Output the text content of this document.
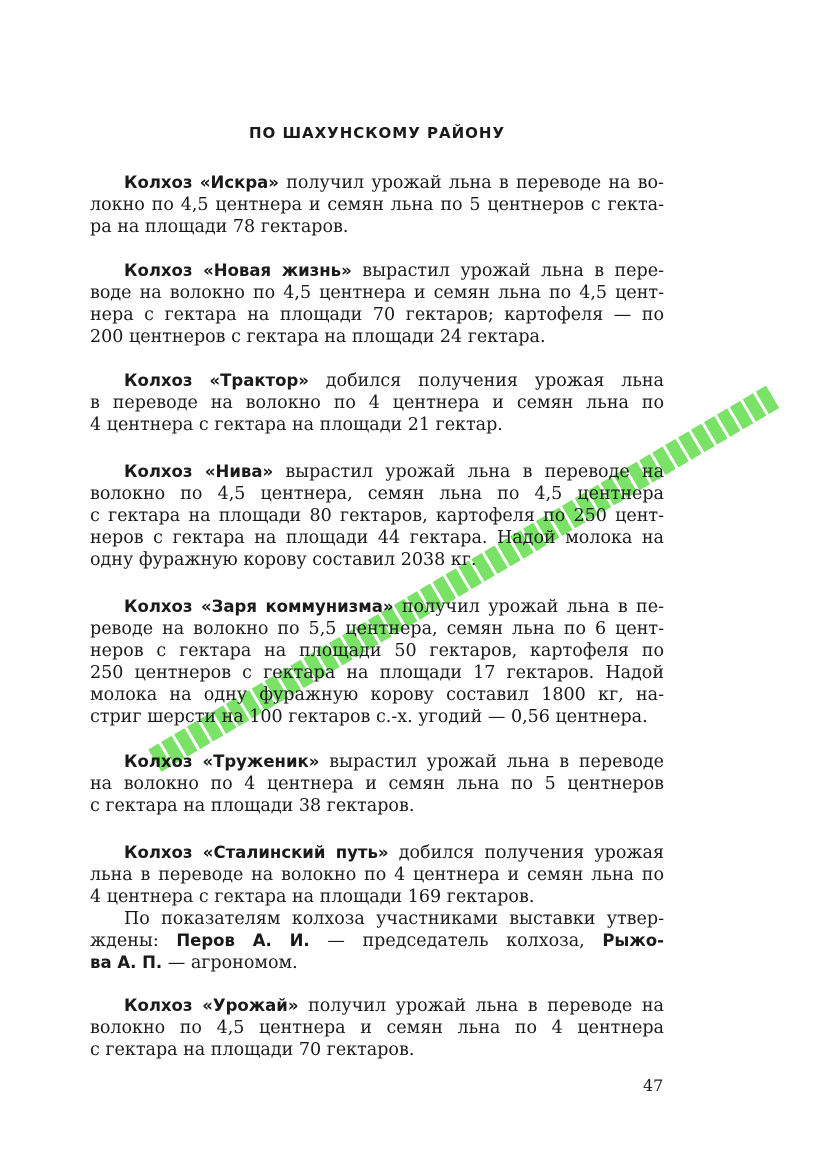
ПО ШАХУНСКОМУ РАЙОНУ
Колхоз «Искра» получил урожай льна в переводе на во-
локно по 4,5 центнера и семян льна по 5 центнеров с гекта-
ра на площади 78 гектаров.
Колхоз «Новая жизнь» вырастил урожай льна в пере-
воде на волокно по 4,5 центнера и семян льна по 4,5 цент-
нера с гектара на площади 70 гектаров; картофеля — по
200 центнеров с гектара на площади 24 гектара.
Колхоз «Трактор» добился получения урожая льна
в переводе на волокно по 4 центнера и семян льна по
4 центнера с гектара на площади 21 гектар.
Колхоз «Нива» вырастил урожай льна в переводе на
волокно по 4,5 центнера, семян льна по 4,5 центнера
с гектара на площади 80 гектаров, картофеля по 250 цент-
неров с гектара на площади 44 гектара. Надой молока на
одну фуражную корову составил 2038 кг.
Колхоз «Заря коммунизма» получил урожай льна в пе-
реводе на волокно по 5,5 центнера, семян льна по 6 цент-
неров с гектара на площади 50 гектаров, картофеля по
250 центнеров с гектара на площади 17 гектаров. Надой
молока на одну фуражную корову составил 1800 кг, на-
стриг шерсти на 100 гектаров с.-х. угодий — 0,56 центнера.
Колхоз «Труженик» вырастил урожай льна в переводе
на волокно по 4 центнера и семян льна по 5 центнеров
с гектара на площади 38 гектаров.
Колхоз «Сталинский путь» добился получения урожая
льна в переводе на волокно по 4 центнера и семян льна по
4 центнера с гектара на площади 169 гектаров.
По показателям колхоза участниками выставки утвер-
ждены: Перов А. И. — председатель колхоза, Рыжо-
ва А. П. — агрономом.
Колхоз «Урожай» получил урожай льна в переводе на
волокно по 4,5 центнера и семян льна по 4 центнера
с гектара на площади 70 гектаров.
47
